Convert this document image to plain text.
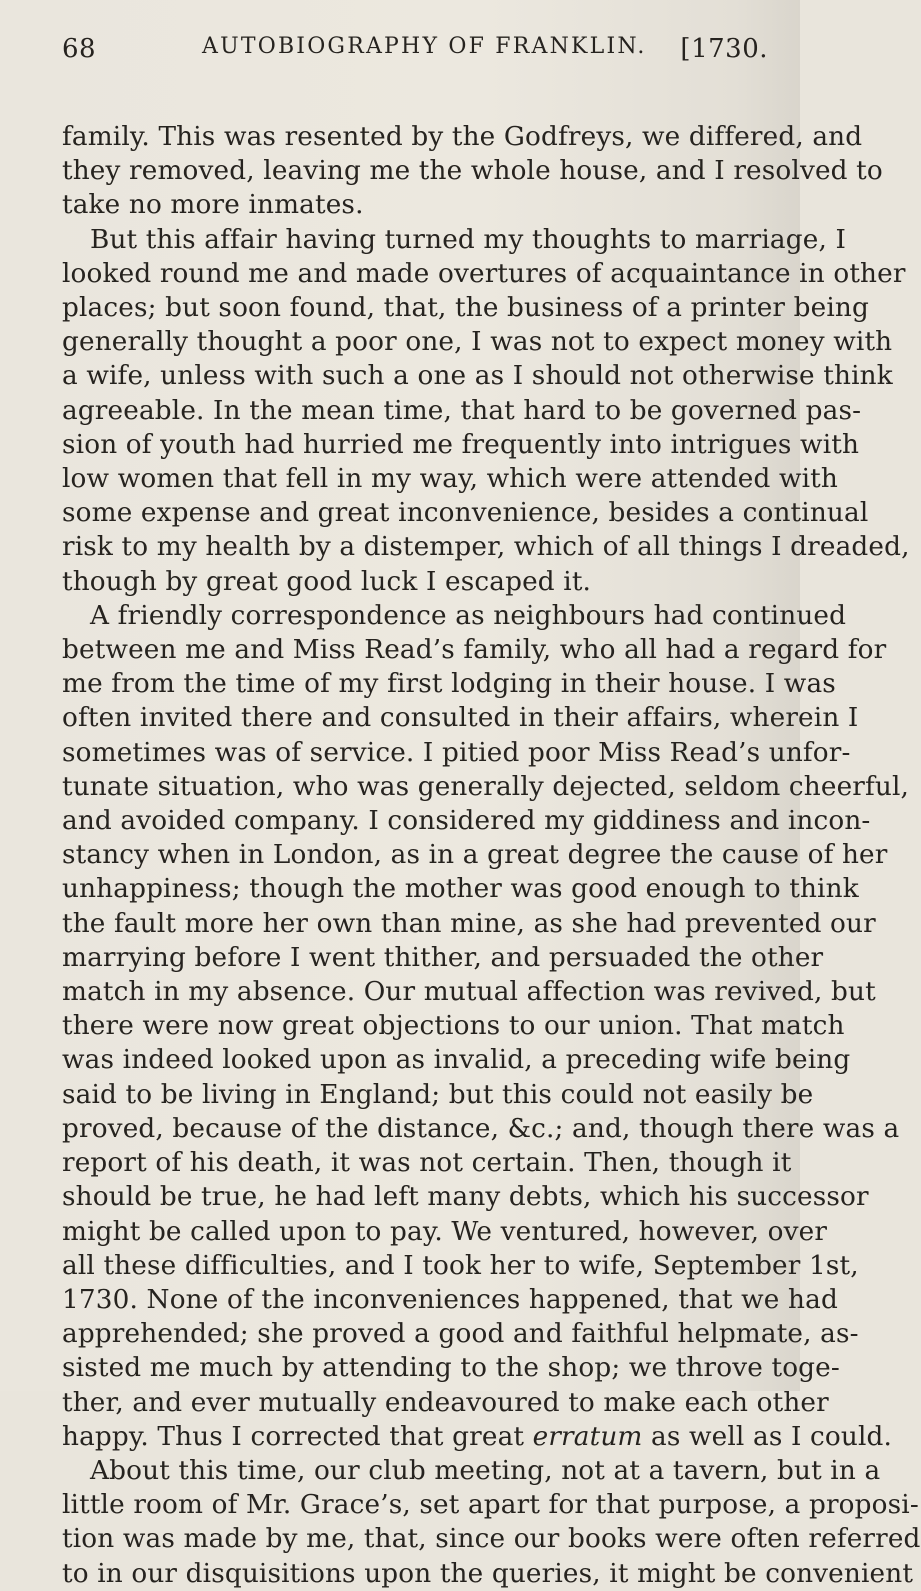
68	AUTOBIOGRAPHY OF FRANKLIN. [1730.
family. This was resented by the Godfreys, we differed, and
they removed, leaving me the whole house, and I resolved to
take no more inmates.
But this affair having turned my thoughts to marriage, I
looked round me and made overtures of acquaintance in other
places; but soon found, that, the business of a printer being
generally thought a poor one, I was not to expect money with
a wife, unless with such a one as I should not otherwise think
agreeable. In the mean time, that hard to be governed pas-
sion of youth had hurried me frequently into intrigues with
low women that fell in my way, which were attended with
some expense and great inconvenience, besides a continual
risk to my health by a distemper, which of all things I dreaded,
though by great good luck I escaped it.
A friendly correspondence as neighbours had continued
between me and Miss Read’s family, who all had a regard for
me from the time of my first lodging in their house. I was
often invited there and consulted in their affairs, wherein I
sometimes was of service. I pitied poor Miss Read’s unfor-
tunate situation, who was generally dejected, seldom cheerful,
and avoided company. I considered my giddiness and incon-
stancy when in London, as in a great degree the cause of her
unhappiness; though the mother was good enough to think
the fault more her own than mine, as she had prevented our
marrying before I went thither, and persuaded the other
match in my absence. Our mutual affection was revived, but
there were now great objections to our union. That match
was indeed looked upon as invalid, a preceding wife being
said to be living in England; but this could not easily be
proved, because of the distance, &c.; and, though there was a
report of his death, it was not certain. Then, though it
should be true, he had left many debts, which his successor
might be called upon to pay. We ventured, however, over
all these difficulties, and I took her to wife, September 1st,
1730. None of the inconveniences happened, that we had
apprehended; she proved a good and faithful helpmate, as-
sisted me much by attending to the shop; we throve toge-
ther, and ever mutually endeavoured to make each other
happy. Thus I corrected that great erratum as well as I could.
About this time, our club meeting, not at a tavern, but in a
little room of Mr. Grace’s, set apart for that purpose, a proposi-
tion was made by me, that, since our books were often referred
to in our disquisitions upon the queries, it might be convenient
